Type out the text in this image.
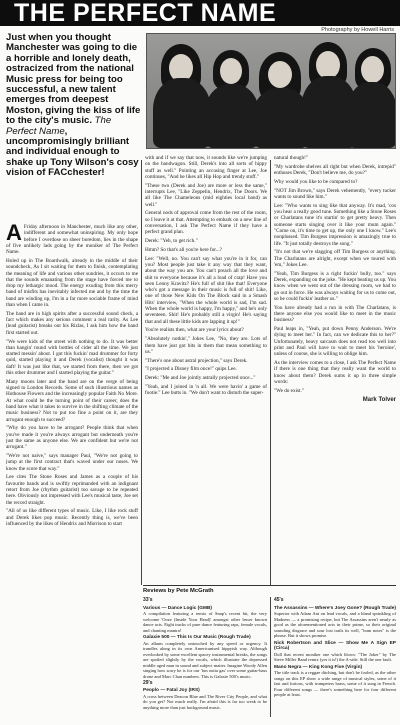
THE PERFECT NAME
Photography by Howell Harris
Just when you thought Manchester was going to die a horrible and lonely death, ostracized from the national Music press for being too successful, a new talent emerges from deepest Moston, giving the kiss of life to the city's music. The Perfect Name, uncompromisingly brilliant and individual enough to shake up Tony Wilson's cosy vision of FACchester!
A Friday afternoon in Manchester, much like any other, indifferent and somewhat uninspiring. My only hope before I overdose on sheer boredom, lies in the shape of five unlikely lads going by the moniker of The Perfect Name.

Holed up in The Boardwalk, already in the middle of their soundcheck, As I sit waiting for them to finish, contemplating the meaning of life and various other sundries, it occurs to me that the sounds emanating from the stage have forced me to drop my lethargic mood. The energy exuding from this merry band of misfits has inevitably infected me and by the time the band are winding up, I'm in a far more sociable frame of mind than when I came in.

The band are in high spirits after a successful sound check, a fact which makes any serious comment a real rarity. As Lee (lead guitarist) breaks out his Rizlas, I ask him how the band first started out.

"We were kids of the street with nothing to do. It was better than hangin' round with bottles of cider all the time. We just started messin' about. I got this fuckin' mad drummer for forty quid, started playing it and Derek (vocalist) thought it was daft! It was just like that, we started from there, then we got this other drummer and I started playing the guitar."

Many moons later and the band are on the verge of being signed to London Records. Some of such illustrious names as Hothouse Flowers and the increasingly popular Faith No More. At what could be the turning point of their career, does the band have what it takes to survive in the shifting climate of the music business? Not to put too fine a point on it, are they arrogant enough to succeed?

"Why do you have to be arrogant? People think that when you've made it you're always arrogant but underneath you're just the same as anyone else. We are confident but we're not arrogant."

"We're not naive," says manager Paul, "We're not going to jump at the first contract that's waved under our noses. We know the score that way."

Lee cites The Stone Roses and James as a couple of his favourite bands and is swiftly reprimanded with an indignant retort from Joe (rhythm guitarist) too savage to be repeated here. Obviously not impressed with Lee's musical taste, Joe set the record straight.

"All of us like different types of music. Like, I like rock stuff and Derek likes pop music. Recently thing is, we've been influenced by the likes of Hendrix and Morrison to start

with and if we say that now, it sounds like we're jumping on the bandwagon. Still, Derek's into all sorts of hippy stuff as well." Pointing an accusing finger at Lee, Joe continues, "And he likes all Hip Hop and trendy stuff."

"These two (Derek and Joe) are more or less the same," interrupts Lee, "Like Zeppelin, Hendrix, The Doors. We all like The Chameleons (mid eighties local band) as well."

General nods of approval come from the rest of the room, so I leave it at that. Attempting to embark on a new line of conversation, I ask The Perfect Name if they have a perfect grand plan.

Derek: "Yeh, to get rich."

Hmm? So that's all you're here for...?

Lee: "Well, no. You can't say what you're in it for, can you? Most people just take it any way that they want, about the way you are. You can't preach all the love and shit to everyone because it's all a load of crap! Have you seen Lenny Kravitz? He's full of shit like that! Everyone who's got a message in their music is full of shit! Like, one of those New Kids On The Block said in a Smash Hits' interview, "When the whole world is sad, I'm sad. When the whole world is happy, I'm happy," and he's only seventeen. Shit! He's probably still a virgin! He's saying that and all these little kids are lapping it up!"

You're realists then, what are your lyrics about?

"Absolutely nothin'," Jokes Lee, "No, they are. Lots of them have just got bits in them that mean something to us."

"There's one about astral projection," says Derek.

"I projected a Disney film once!" quips Lee.

Derek: "Me and Joe jointly astrally projected once..."

"Yeah, and I joined in 'n all. We were havin' a game of footie." Lee butts in. "We don't want to disturb the super-

natural though!"

"My wardrobe shelves all right but when Derek, intrepid" enthuses Derek, "Don't believe me, do you?"

Why would you like to be compared to?

"NOT Jim Brown," says Derek vehemently, "every tucker wants to sound like him."

Lee: "Who wants to sing like that anyway. It's mad, 'cos you hear a really good tune. Something like a Stone Roses or Charlatans tune it's startin' to get pretty heavy. Then someone starts singing over it like your mum again." "Come on, it's time to get up, the only one I know." Lee's nonplussed. Tim Burgess impression is amazingly true to life. "It just totally destroys the song."

"It's not that we're slagging off Tim Burgess or anything. The Charlatans are alright, except when we toured with 'em," Jokes Lee.

"Yeah, Tim Burgess is a right fuckin' bully, too." says Derek, expanding on the joke. "He kept beating us up. You know when we went out of the dressing room, we had to go out in force. He was always waiting for us to come out, so he could fuckin' leather us."

You have already had a run in with The Charlatans, is there anyone else you would like to meet in the music business?

Paul leaps in, "Yeah, put down Penny Anderson. We're dying to meet her." In fact, can we dedicate this to her?" Unfortunately, heavy sarcasm does not read too well into print and Paul will have to wait to meet his 'heroine', unless of course, she is willing to oblige him.

As the interview comes to a close, I ask The Perfect Name if there is one thing that they really want the world to know about them? Derek sums it up in three simple words:

"We do exist."

Mark Tolver
Reviews by Pete McGrath
33's
Various — Dance Logic (GMB)

A compilation featuring a remix of Snap's recent hit, the very welcome 'Ooze (Inside Your Head)' amongst other lesser known dance acts. Eight tracks of pure dance featuring raps, female vocals, and chanting mantra!

Galaxie 500 — This Is Our Music (Rough Trade)

An album completely untouched by any speed or urgency. It trundles along in its own Americanised hippyish way. Although overlooked by some excellent spacey instrumental breaks, the songs are spoiled slightly by the vocals, which illustrate the depressed middle aged man in sound and subject matter. Imagine Woody Allen singing how sorry he is for our 'fun outta gas' over some guitar-bass drone and Marc Chan numbers. This is Galaxie 500's music.

29's
Peoplo — Fatal Joy (IRS)

A cross between Deacon Blue and The River City People, and what do you get? Not much really. I'm afraid this is far too weak to be anything more than just background music.

45's
The Assassins — Where's Joey Gone? (Rough Trade)

Superior with Adam Ant on lead vocals, and a bland sprinkling of Madness — a promising recipe, but The Assassins aren't nearly as good as the aforementioned acts in their prime, so their original sounding disgrace and sour lost trails its well, "bum notes" is the phrase. But it shows promise.

Nick Robertson and Slice — Show Me A Sign EP (Circa)

Dull that recent moniker one which blows: "The Joker" by The Steve Miller Band remix (yes it is!) the A-side. Still the one fault.

Mano Negra — King Kong Five (Virgin)

The title track is a reggae ditching, but don't be fooled, as the other songs on this EP show a wide range of musical styles, some of it fast and furious, with trumpeters brass, some of it sung in French. Four different songs — there's something here for four different people at least.
